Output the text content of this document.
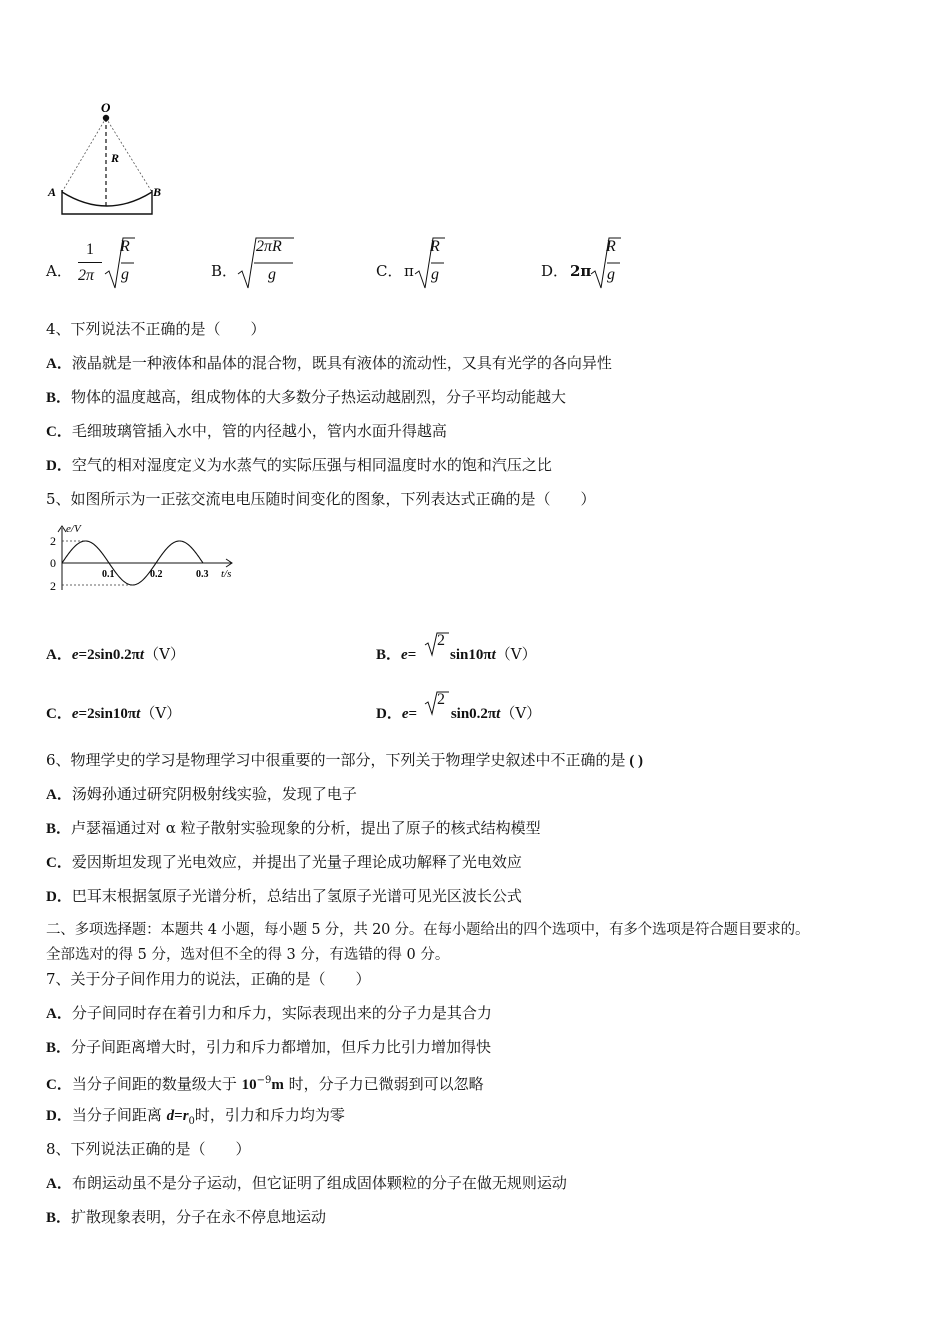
O
R
A	B
A．
1
2π
R
g	B．
2πR
g	C． π
R
g	D． 2π
R
g
4、下列说法不正确的是（　　）
A．液晶就是一种液体和晶体的混合物，既具有液体的流动性，又具有光学的各向异性
B．物体的温度越高，组成物体的大多数分子热运动越剧烈，分子平均动能越大
C．毛细玻璃管插入水中，管的内径越小，管内水面升得越高
D．空气的相对湿度定义为水蒸气的实际压强与相同温度时水的饱和汽压之比
5、如图所示为一正弦交流电电压随时间变化的图象，下列表达式正确的是（　　）
e/V
2
0
2
0.1	0.2	0.3 t/s
A．e=2sin0.2πt（V）	B．e= sin10πt（V）
2
C．e=2sin10πt（V）	D．e= sin0.2πt（V）
2
6、物理学史的学习是物理学习中很重要的一部分，下列关于物理学史叙述中不正确的是 ( )
A．汤姆孙通过研究阴极射线实验，发现了电子
B．卢瑟福通过对 α 粒子散射实验现象的分析，提出了原子的核式结构模型
C．爱因斯坦发现了光电效应，并提出了光量子理论成功解释了光电效应
D．巴耳末根据氢原子光谱分析，总结出了氢原子光谱可见光区波长公式
二、多项选择题：本题共 4 小题，每小题 5 分，共 20 分。在每小题给出的四个选项中，有多个选项是符合题目要求的。
全部选对的得 5 分，选对但不全的得 3 分，有选错的得 0 分。
7、关于分子间作用力的说法，正确的是（　　）
A．分子间同时存在着引力和斥力，实际表现出来的分子力是其合力
B．分子间距离增大时，引力和斥力都增加，但斥力比引力增加得快
C．当分子间距的数量级大于 $10^{-9}m$ 时，分子力已微弱到可以忽略
D．当分子间距离 $d=r_0$时，引力和斥力均为零
8、下列说法正确的是（　　）
A．布朗运动虽不是分子运动，但它证明了组成固体颗粒的分子在做无规则运动
B．扩散现象表明，分子在永不停息地运动
